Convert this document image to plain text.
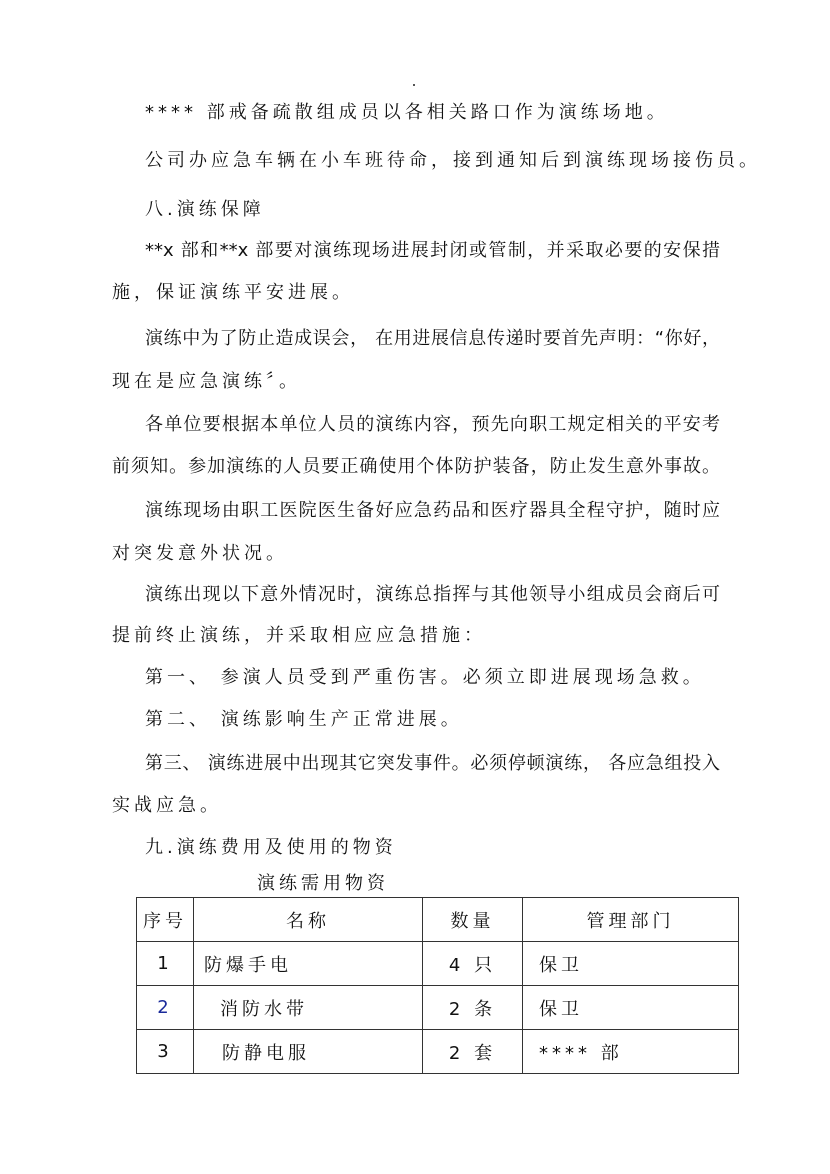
**** 部戒备疏散组成员以各相关路口作为演练场地。
公司办应急车辆在小车班待命，接到通知后到演练现场接伤员。
八.演练保障
**x 部和**x 部要对演练现场进展封闭或管制，并采取必要的安保措
施，保证演练平安进展。
演练中为了防止造成误会， 在用进展信息传递时要首先声明：“你好，
现在是应急演练〞。
各单位要根据本单位人员的演练内容，预先向职工规定相关的平安考
前须知。参加演练的人员要正确使用个体防护装备，防止发生意外事故。
演练现场由职工医院医生备好应急药品和医疗器具全程守护，随时应
对突发意外状况。
演练出现以下意外情况时，演练总指挥与其他领导小组成员会商后可
提前终止演练，并采取相应应急措施：
第一、 参演人员受到严重伤害。必须立即进展现场急救。
第二、 演练影响生产正常进展。
第三、 演练进展中出现其它突发事件。必须停顿演练， 各应急组投入
实战应急。
九.演练费用及使用的物资
演练需用物资
序号	名称	数量	管理部门
1	防爆手电	4 只	保卫
2	消防水带	2 条	保卫
3	防静电服	2 套	**** 部
